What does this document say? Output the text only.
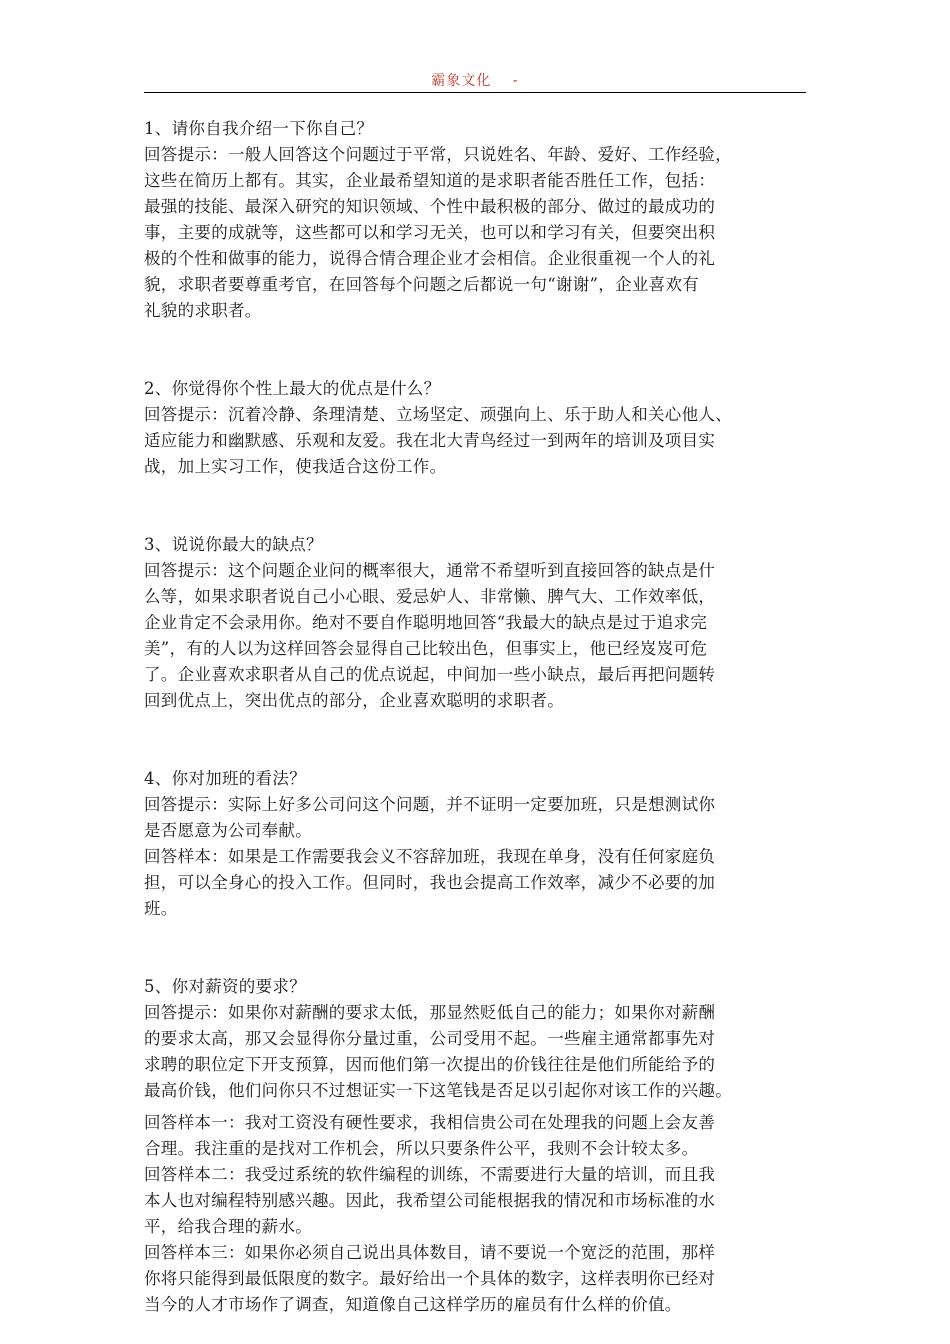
霸象文化 -
1、请你自我介绍一下你自己？
回答提示：一般人回答这个问题过于平常，只说姓名、年龄、爱好、工作经验，
这些在简历上都有。其实，企业最希望知道的是求职者能否胜任工作，包括：
最强的技能、最深入研究的知识领域、个性中最积极的部分、做过的最成功的
事，主要的成就等，这些都可以和学习无关，也可以和学习有关，但要突出积
极的个性和做事的能力，说得合情合理企业才会相信。企业很重视一个人的礼
貌，求职者要尊重考官，在回答每个问题之后都说一句“谢谢”，企业喜欢有
礼貌的求职者。
2、你觉得你个性上最大的优点是什么？
回答提示：沉着冷静、条理清楚、立场坚定、顽强向上、乐于助人和关心他人、
适应能力和幽默感、乐观和友爱。我在北大青鸟经过一到两年的培训及项目实
战，加上实习工作，使我适合这份工作。
3、说说你最大的缺点？
回答提示：这个问题企业问的概率很大，通常不希望听到直接回答的缺点是什
么等，如果求职者说自己小心眼、爱忌妒人、非常懒、脾气大、工作效率低，
企业肯定不会录用你。绝对不要自作聪明地回答“我最大的缺点是过于追求完
美”，有的人以为这样回答会显得自己比较出色，但事实上，他已经岌岌可危
了。企业喜欢求职者从自己的优点说起，中间加一些小缺点，最后再把问题转
回到优点上，突出优点的部分，企业喜欢聪明的求职者。
4、你对加班的看法？
回答提示：实际上好多公司问这个问题，并不证明一定要加班，只是想测试你
是否愿意为公司奉献。
回答样本：如果是工作需要我会义不容辞加班，我现在单身，没有任何家庭负
担，可以全身心的投入工作。但同时，我也会提高工作效率，减少不必要的加
班。
5、你对薪资的要求？
回答提示：如果你对薪酬的要求太低，那显然贬低自己的能力；如果你对薪酬
的要求太高，那又会显得你分量过重，公司受用不起。一些雇主通常都事先对
求聘的职位定下开支预算，因而他们第一次提出的价钱往往是他们所能给予的
最高价钱，他们问你只不过想证实一下这笔钱是否足以引起你对该工作的兴趣。
回答样本一：我对工资没有硬性要求，我相信贵公司在处理我的问题上会友善
合理。我注重的是找对工作机会，所以只要条件公平，我则不会计较太多。
回答样本二：我受过系统的软件编程的训练，不需要进行大量的培训，而且我
本人也对编程特别感兴趣。因此，我希望公司能根据我的情况和市场标准的水
平，给我合理的薪水。
回答样本三：如果你必须自己说出具体数目，请不要说一个宽泛的范围，那样
你将只能得到最低限度的数字。最好给出一个具体的数字，这样表明你已经对
当今的人才市场作了调查，知道像自己这样学历的雇员有什么样的价值。
